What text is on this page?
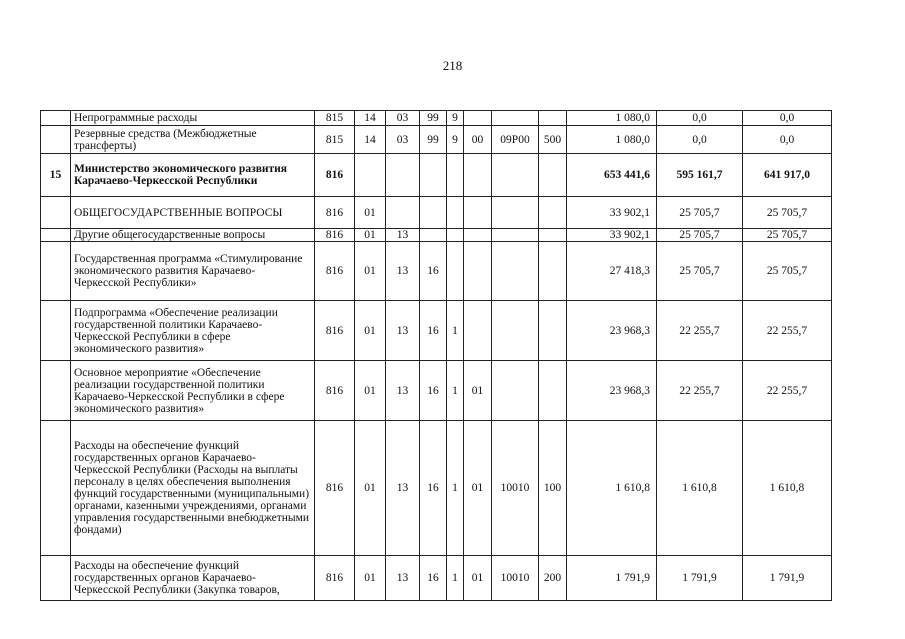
218
	Непрограммные расходы	815	14	03	99	9				1 080,0	0,0	0,0
	Резервные средства (Межбюджетные трансферты)	815	14	03	99	9	00	09Р00	500	1 080,0	0,0	0,0
15	Министерство экономического развития Карачаево-Черкесской Республики	816								653 441,6	595 161,7	641 917,0
	ОБЩЕГОСУДАРСТВЕННЫЕ ВОПРОСЫ	816	01							33 902,1	25 705,7	25 705,7
	Другие общегосударственные вопросы	816	01	13						33 902,1	25 705,7	25 705,7
	Государственная программа «Стимулирование экономического развития Карачаево-Черкесской Республики»	816	01	13	16					27 418,3	25 705,7	25 705,7
	Подпрограмма «Обеспечение реализации государственной политики Карачаево-Черкесской Республики в сфере экономического развития»	816	01	13	16	1				23 968,3	22 255,7	22 255,7
	Основное мероприятие «Обеспечение реализации государственной политики Карачаево-Черкесской Республики в сфере экономического развития»	816	01	13	16	1	01			23 968,3	22 255,7	22 255,7
	Расходы на обеспечение функций государственных органов Карачаево-Черкесской Республики (Расходы на выплаты персоналу в целях обеспечения выполнения функций государственными (муниципальными) органами, казенными учреждениями, органами управления государственными внебюджетными фондами)	816	01	13	16	1	01	10010	100	1 610,8	1 610,8	1 610,8
	Расходы на обеспечение функций государственных органов Карачаево-Черкесской Республики (Закупка товаров,	816	01	13	16	1	01	10010	200	1 791,9	1 791,9	1 791,9
